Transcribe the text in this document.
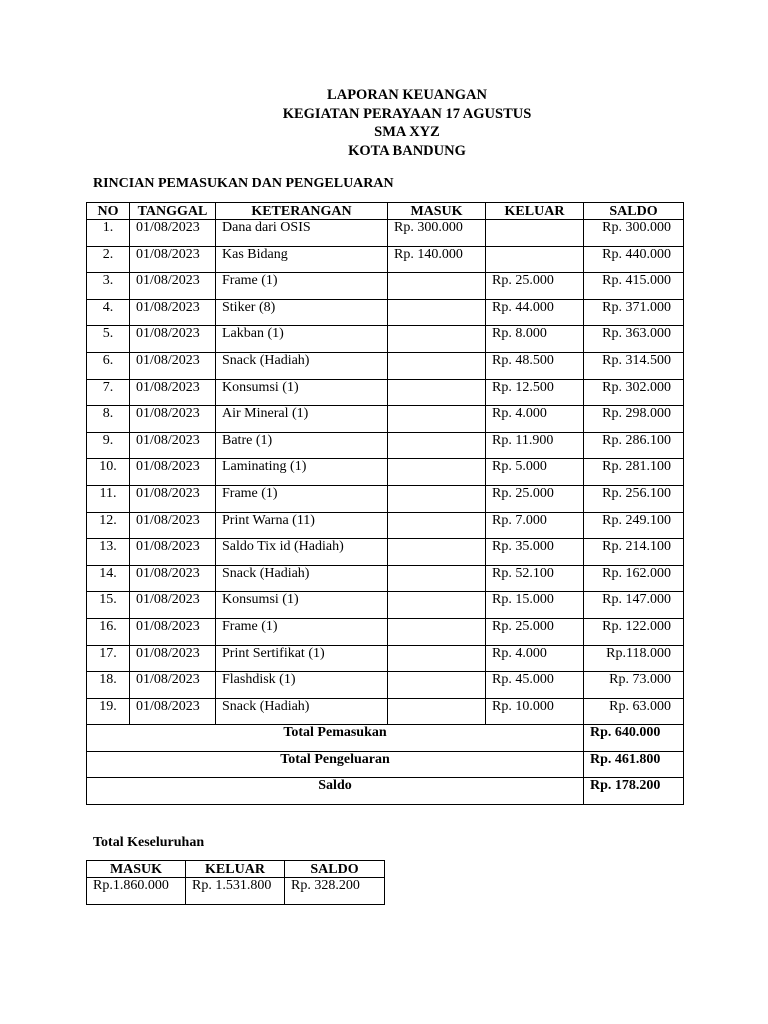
LAPORAN KEUANGAN
KEGIATAN PERAYAAN 17 AGUSTUS
SMA XYZ
KOTA BANDUNG
RINCIAN PEMASUKAN DAN PENGELUARAN
NO	TANGGAL	KETERANGAN	MASUK	KELUAR	SALDO
1.	01/08/2023	Dana dari OSIS	Rp. 300.000		Rp. 300.000
2.	01/08/2023	Kas Bidang	Rp. 140.000		Rp. 440.000
3.	01/08/2023	Frame (1)		Rp. 25.000	Rp. 415.000
4.	01/08/2023	Stiker (8)		Rp. 44.000	Rp. 371.000
5.	01/08/2023	Lakban (1)		Rp. 8.000	Rp. 363.000
6.	01/08/2023	Snack (Hadiah)		Rp. 48.500	Rp. 314.500
7.	01/08/2023	Konsumsi (1)		Rp. 12.500	Rp. 302.000
8.	01/08/2023	Air Mineral (1)		Rp. 4.000	Rp. 298.000
9.	01/08/2023	Batre (1)		Rp. 11.900	Rp. 286.100
10.	01/08/2023	Laminating (1)		Rp. 5.000	Rp. 281.100
11.	01/08/2023	Frame (1)		Rp. 25.000	Rp. 256.100
12.	01/08/2023	Print Warna (11)		Rp. 7.000	Rp. 249.100
13.	01/08/2023	Saldo Tix id (Hadiah)		Rp. 35.000	Rp. 214.100
14.	01/08/2023	Snack (Hadiah)		Rp. 52.100	Rp. 162.000
15.	01/08/2023	Konsumsi (1)		Rp. 15.000	Rp. 147.000
16.	01/08/2023	Frame (1)		Rp. 25.000	Rp. 122.000
17.	01/08/2023	Print Sertifikat (1)		Rp. 4.000	Rp.118.000
18.	01/08/2023	Flashdisk (1)		Rp. 45.000	Rp. 73.000
19.	01/08/2023	Snack (Hadiah)		Rp. 10.000	Rp. 63.000
Total Pemasukan					Rp. 640.000
Total Pengeluaran					Rp. 461.800
Saldo					Rp. 178.200
Total Keseluruhan
MASUK	KELUAR	SALDO
Rp.1.860.000	Rp. 1.531.800	Rp. 328.200
